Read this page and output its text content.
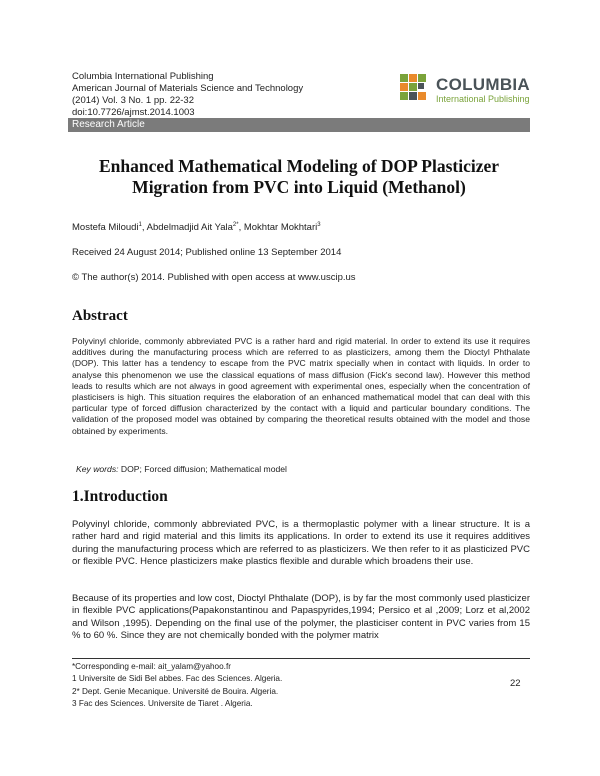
Columbia International Publishing
American Journal of Materials Science and Technology
(2014) Vol. 3 No. 1 pp. 22-32
doi:10.7726/ajmst.2014.1003
COLUMBIA
International Publishing
Research Article
Enhanced Mathematical Modeling of DOP Plasticizer Migration from PVC into Liquid (Methanol)
Mostefa Miloudi$^1$, Abdelmadjid Ait Yala$^{2*}$, Mokhtar Mokhtari$^3$
Received 24 August 2014; Published online 13 September 2014
© The author(s) 2014. Published with open access at www.uscip.us
Abstract

Polyvinyl chloride, commonly abbreviated PVC is a rather hard and rigid material. In order to extend its use it requires additives during the manufacturing process which are referred to as plasticizers, among them the Dioctyl Phthalate (DOP). This latter has a tendency to escape from the PVC matrix specially when in contact with liquids. In order to analyse this phenomenon we use the classical equations of mass diffusion (Fick's second law). However this method leads to results which are not always in good agreement with experimental ones, especially when the concentration of plasticisers is high. This situation requires the elaboration of an enhanced mathematical model that can deal with this particular type of forced diffusion characterized by the contact with a liquid and particular boundary conditions. The validation of the proposed model was obtained by comparing the theoretical results obtained with the model and those obtained by experiments.

Key words: DOP; Forced diffusion; Mathematical model
1.Introduction

Polyvinyl chloride, commonly abbreviated PVC, is a thermoplastic polymer with a linear structure. It is a rather hard and rigid material and this limits its applications. In order to extend its use it requires additives during the manufacturing process which are referred to as plasticizers. We then refer to it as plasticized PVC or flexible PVC. Hence plasticizers make plastics flexible and durable which broadens their use.

Because of its properties and low cost, Dioctyl Phthalate (DOP), is by far the most commonly used plasticizer in flexible PVC applications(Papakonstantinou and Papaspyrides,1994; Persico et al ,2009; Lorz et al,2002 and Wilson ,1995). Depending on the final use of the polymer, the plasticiser content in PVC varies from 15 % to 60 %. Since they are not chemically bonded with the polymer matrix

*Corresponding e-mail: ait_yalam@yahoo.fr
1 Universite de Sidi Bel abbes. Fac des Sciences. Algeria.
2* Dept. Genie Mecanique. Université de Bouira. Algeria.
3 Fac des Sciences. Universite de Tiaret . Algeria.
22
